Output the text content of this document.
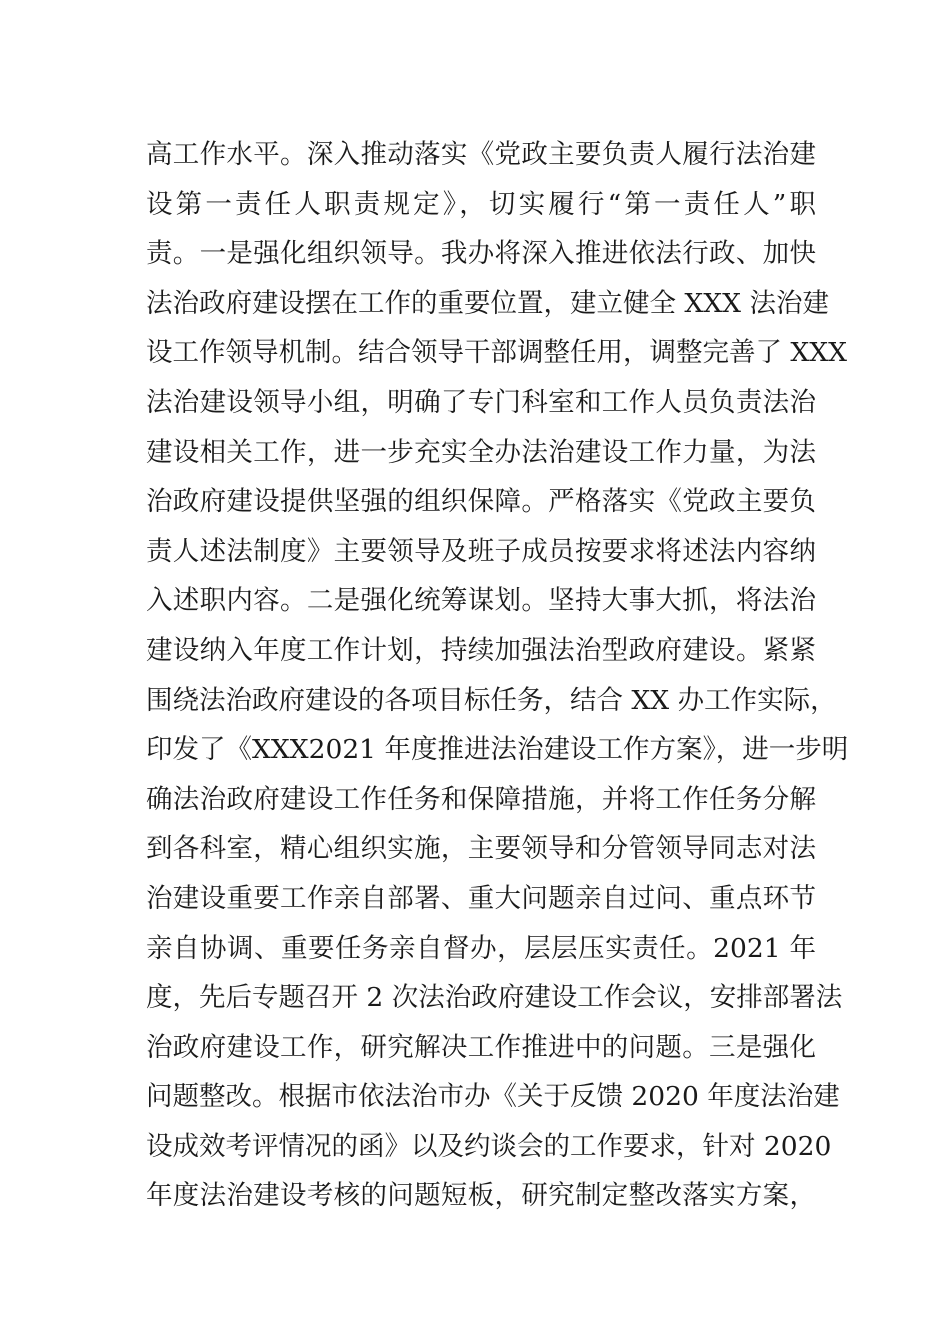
高工作水平。深入推动落实《党政主要负责人履行法治建
设第一责任人职责规定》，切实履行“第一责任人”职
责。一是强化组织领导。我办将深入推进依法行政、加快
法治政府建设摆在工作的重要位置，建立健全 XXX 法治建
设工作领导机制。结合领导干部调整任用，调整完善了 XXX
法治建设领导小组，明确了专门科室和工作人员负责法治
建设相关工作，进一步充实全办法治建设工作力量，为法
治政府建设提供坚强的组织保障。严格落实《党政主要负
责人述法制度》主要领导及班子成员按要求将述法内容纳
入述职内容。二是强化统筹谋划。坚持大事大抓，将法治
建设纳入年度工作计划，持续加强法治型政府建设。紧紧
围绕法治政府建设的各项目标任务，结合 XX 办工作实际，
印发了《XXX2021 年度推进法治建设工作方案》，进一步明
确法治政府建设工作任务和保障措施，并将工作任务分解
到各科室，精心组织实施，主要领导和分管领导同志对法
治建设重要工作亲自部署、重大问题亲自过问、重点环节
亲自协调、重要任务亲自督办，层层压实责任。2021 年
度，先后专题召开 2 次法治政府建设工作会议，安排部署法
治政府建设工作，研究解决工作推进中的问题。三是强化
问题整改。根据市依法治市办《关于反馈 2020 年度法治建
设成效考评情况的函》以及约谈会的工作要求，针对 2020
年度法治建设考核的问题短板，研究制定整改落实方案，
